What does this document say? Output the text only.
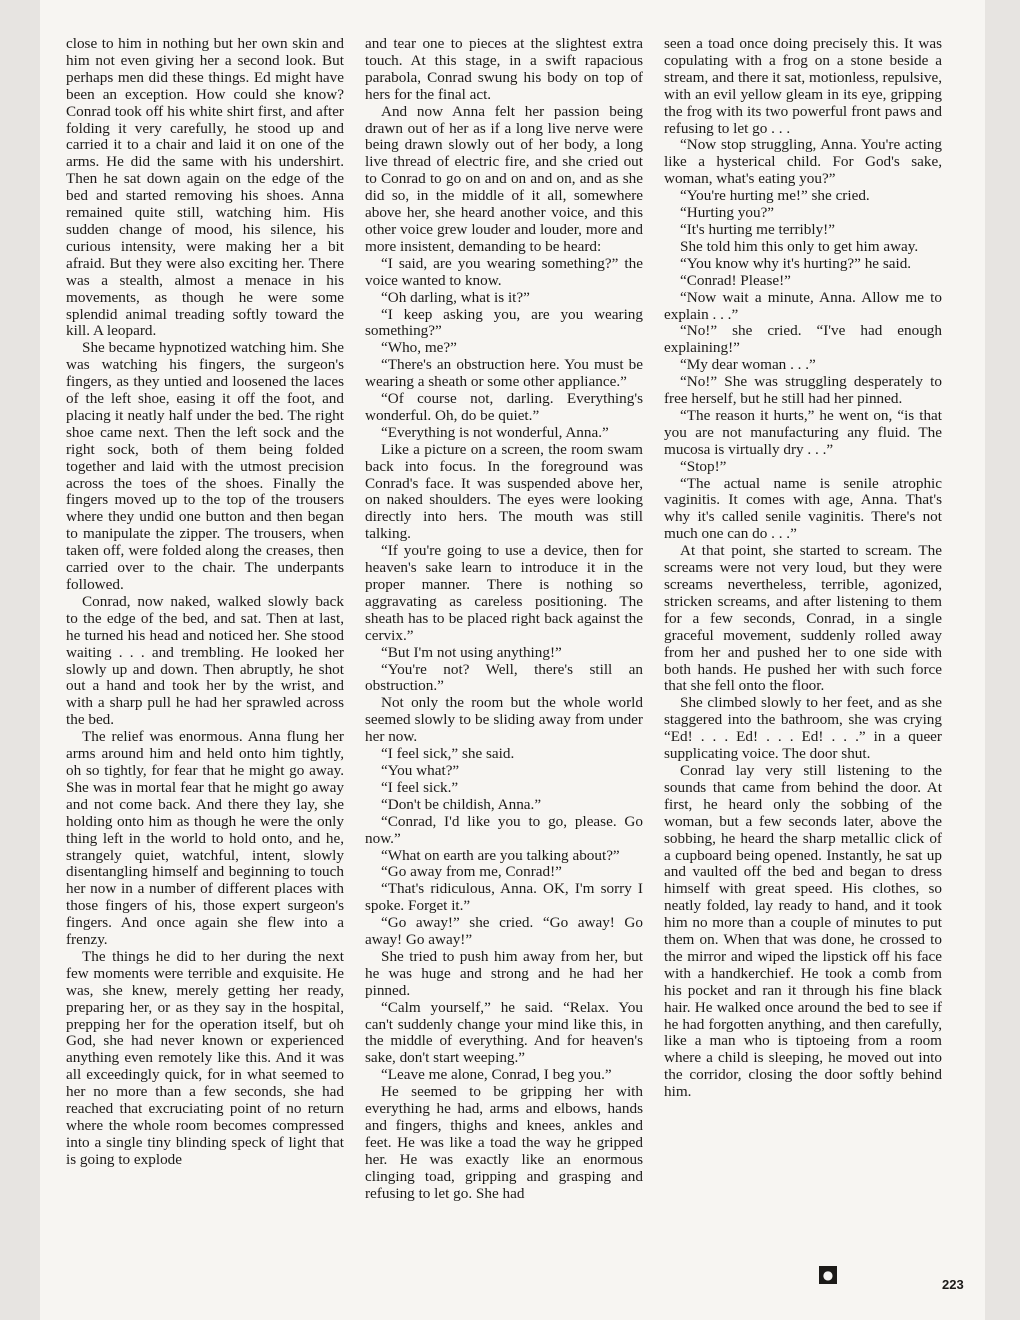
close to him in nothing but her own skin and him not even giving her a second look. But perhaps men did these things. Ed might have been an exception. How could she know? Conrad took off his white shirt first, and after folding it very carefully, he stood up and carried it to a chair and laid it on one of the arms. He did the same with his undershirt. Then he sat down again on the edge of the bed and started removing his shoes. Anna remained quite still, watching him. His sudden change of mood, his silence, his curious intensity, were making her a bit afraid. But they were also exciting her. There was a stealth, almost a menace in his movements, as though he were some splendid animal treading softly toward the kill. A leopard.

She became hypnotized watching him. She was watching his fingers, the surgeon's fingers, as they untied and loosened the laces of the left shoe, easing it off the foot, and placing it neatly half under the bed. The right shoe came next. Then the left sock and the right sock, both of them being folded together and laid with the utmost precision across the toes of the shoes. Finally the fingers moved up to the top of the trousers where they undid one button and then began to manipulate the zipper. The trousers, when taken off, were folded along the creases, then carried over to the chair. The underpants followed.

Conrad, now naked, walked slowly back to the edge of the bed, and sat. Then at last, he turned his head and noticed her. She stood waiting . . . and trembling. He looked her slowly up and down. Then abruptly, he shot out a hand and took her by the wrist, and with a sharp pull he had her sprawled across the bed.

The relief was enormous. Anna flung her arms around him and held onto him tightly, oh so tightly, for fear that he might go away. She was in mortal fear that he might go away and not come back. And there they lay, she holding onto him as though he were the only thing left in the world to hold onto, and he, strangely quiet, watchful, intent, slowly disentangling himself and beginning to touch her now in a number of different places with those fingers of his, those expert surgeon's fingers. And once again she flew into a frenzy.

The things he did to her during the next few moments were terrible and exquisite. He was, she knew, merely getting her ready, preparing her, or as they say in the hospital, prepping her for the operation itself, but oh God, she had never known or experienced anything even remotely like this. And it was all exceedingly quick, for in what seemed to her no more than a few seconds, she had reached that excruciating point of no return where the whole room becomes compressed into a single tiny blinding speck of light that is going to explode

and tear one to pieces at the slightest extra touch. At this stage, in a swift rapacious parabola, Conrad swung his body on top of hers for the final act.

And now Anna felt her passion being drawn out of her as if a long live nerve were being drawn slowly out of her body, a long live thread of electric fire, and she cried out to Conrad to go on and on and on, and as she did so, in the middle of it all, somewhere above her, she heard another voice, and this other voice grew louder and louder, more and more insistent, demanding to be heard:

“I said, are you wearing something?” the voice wanted to know.

“Oh darling, what is it?”

“I keep asking you, are you wearing something?”

“Who, me?”

“There's an obstruction here. You must be wearing a sheath or some other appliance.”

“Of course not, darling. Everything's wonderful. Oh, do be quiet.”

“Everything is not wonderful, Anna.”

Like a picture on a screen, the room swam back into focus. In the foreground was Conrad's face. It was suspended above her, on naked shoulders. The eyes were looking directly into hers. The mouth was still talking.

“If you're going to use a device, then for heaven's sake learn to introduce it in the proper manner. There is nothing so aggravating as careless positioning. The sheath has to be placed right back against the cervix.”

“But I'm not using anything!”

“You're not? Well, there's still an obstruction.”

Not only the room but the whole world seemed slowly to be sliding away from under her now.

“I feel sick,” she said.

“You what?”

“I feel sick.”

“Don't be childish, Anna.”

“Conrad, I'd like you to go, please. Go now.”

“What on earth are you talking about?”

“Go away from me, Conrad!”

“That's ridiculous, Anna. OK, I'm sorry I spoke. Forget it.”

“Go away!” she cried. “Go away! Go away! Go away!”

She tried to push him away from her, but he was huge and strong and he had her pinned.

“Calm yourself,” he said. “Relax. You can't suddenly change your mind like this, in the middle of everything. And for heaven's sake, don't start weeping.”

“Leave me alone, Conrad, I beg you.”

He seemed to be gripping her with everything he had, arms and elbows, hands and fingers, thighs and knees, ankles and feet. He was like a toad the way he gripped her. He was exactly like an enormous clinging toad, gripping and grasping and refusing to let go. She had

seen a toad once doing precisely this. It was copulating with a frog on a stone beside a stream, and there it sat, motionless, repulsive, with an evil yellow gleam in its eye, gripping the frog with its two powerful front paws and refusing to let go . . .

“Now stop struggling, Anna. You're acting like a hysterical child. For God's sake, woman, what's eating you?”

“You're hurting me!” she cried.

“Hurting you?”

“It's hurting me terribly!”

She told him this only to get him away.

“You know why it's hurting?” he said.

“Conrad! Please!”

“Now wait a minute, Anna. Allow me to explain . . .”

“No!” she cried. “I've had enough explaining!”

“My dear woman . . .”

“No!” She was struggling desperately to free herself, but he still had her pinned.

“The reason it hurts,” he went on, “is that you are not manufacturing any fluid. The mucosa is virtually dry . . .”

“Stop!”

“The actual name is senile atrophic vaginitis. It comes with age, Anna. That's why it's called senile vaginitis. There's not much one can do . . .”

At that point, she started to scream. The screams were not very loud, but they were screams nevertheless, terrible, agonized, stricken screams, and after listening to them for a few seconds, Conrad, in a single graceful movement, suddenly rolled away from her and pushed her to one side with both hands. He pushed her with such force that she fell onto the floor.

She climbed slowly to her feet, and as she staggered into the bathroom, she was crying “Ed! . . . Ed! . . . Ed! . . .” in a queer supplicating voice. The door shut.

Conrad lay very still listening to the sounds that came from behind the door. At first, he heard only the sobbing of the woman, but a few seconds later, above the sobbing, he heard the sharp metallic click of a cupboard being opened. Instantly, he sat up and vaulted off the bed and began to dress himself with great speed. His clothes, so neatly folded, lay ready to hand, and it took him no more than a couple of minutes to put them on. When that was done, he crossed to the mirror and wiped the lipstick off his face with a handkerchief. He took a comb from his pocket and ran it through his fine black hair. He walked once around the bed to see if he had forgotten anything, and then carefully, like a man who is tiptoeing from a room where a child is sleeping, he moved out into the corridor, closing the door softly behind him.

●
223
